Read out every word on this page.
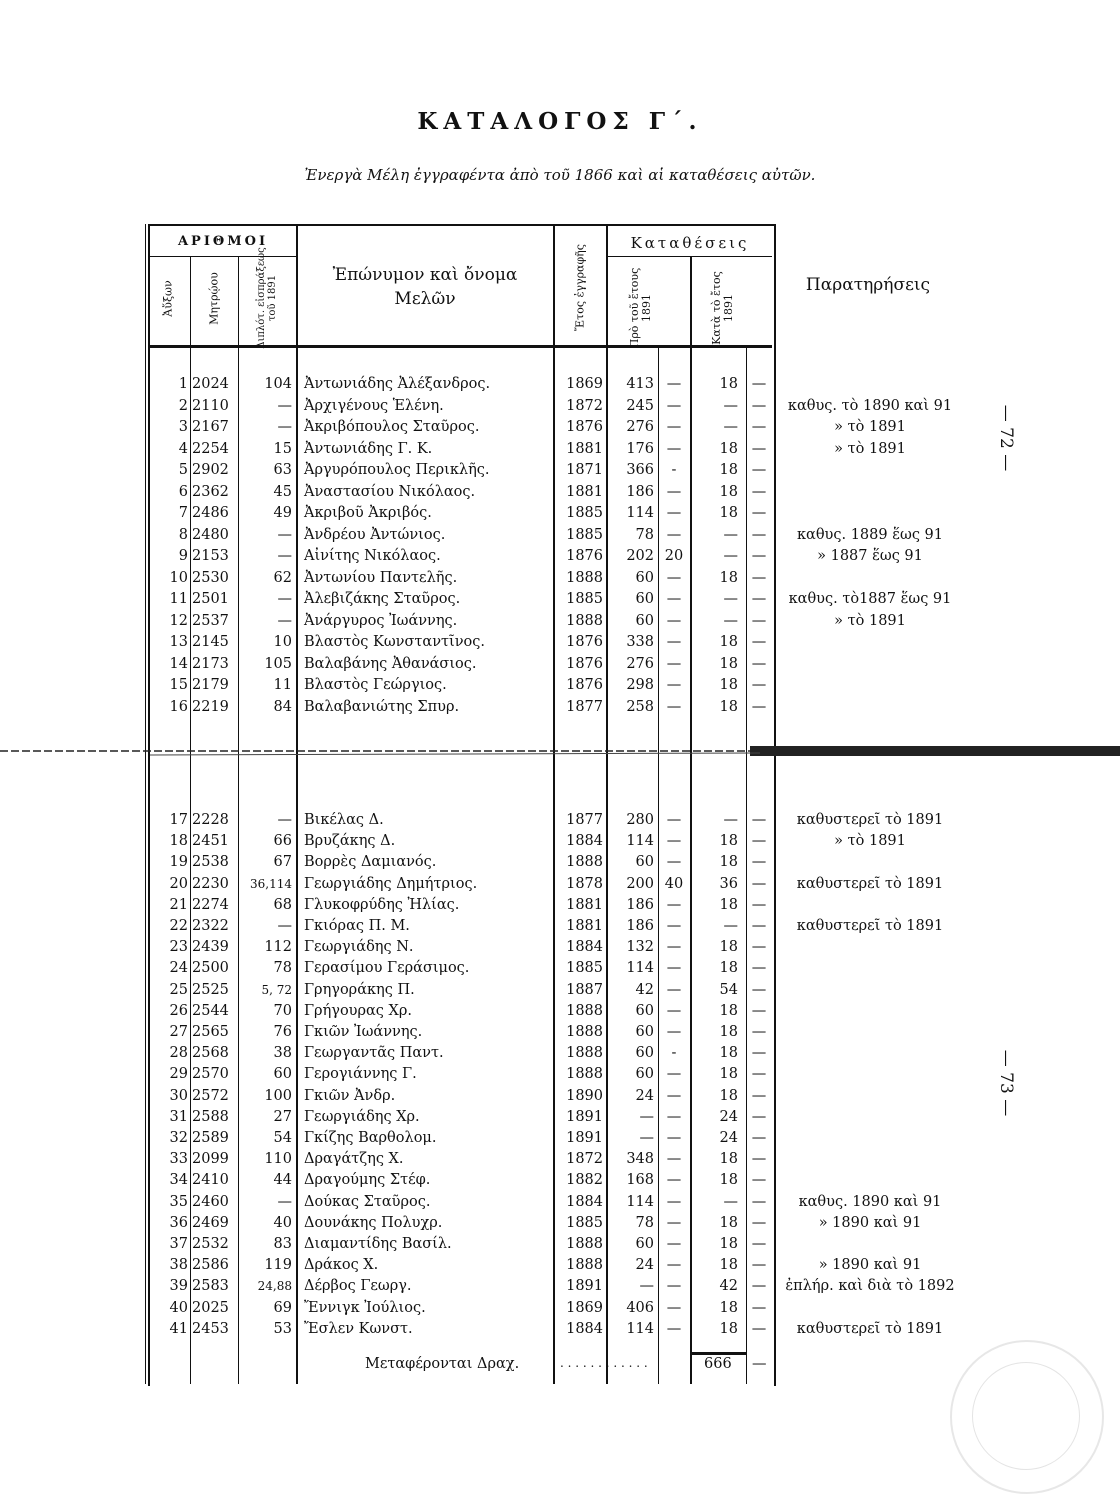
ΚΑΤΑΛΟΓΟΣ Γ΄.
Ἐνεργὰ Μέλη ἐγγραφέντα ἀπὸ τοῦ 1866 καὶ αἱ καταθέσεις αὐτῶν.
— 72 —
— 73 —
ΑΡΙΘΜΟΙ
Ἀὔξων	Μητρῴου	Διπλότ. εἰσπράξεως τοῦ 1891	Ἐπώνυμον καὶ ὄνομα Μελῶν	Ἔτος ἐγγραφῆς
Καταθέσεις
Πρὸ τοῦ ἔτους 1891	Κατὰ τὸ ἔτος 1891
Παρατηρήσεις
1 2024	104 Ἀντωνιάδης Ἀλέξανδρος.	1869	413 —	18 —
2 2110	— Ἀρχιγένους Ἑλένη.	1872	245 —	— —	καθυς. τὸ 1890 καὶ 91
3 2167	— Ἀκριβόπουλος Σταῦρος.	1876	276 —	— —	» τὸ 1891
4 2254	15 Ἀντωνιάδης Γ. Κ.	1881	176 —	18 —	» τὸ 1891
5 2902	63 Ἀργυρόπουλος Περικλῆς.	1871	366	-	18 —
6 2362	45 Ἀναστασίου Νικόλαος.	1881	186 —	18 —
7 2486	49 Ἀκριβοῦ Ἀκριβός.	1885	114 —	18 —
8 2480	— Ἀνδρέου Ἀντώνιος.	1885	78 —	— —	καθυς. 1889 ἕως 91
9 2153	— Αἰνίτης Νικόλαος.	1876	202 20	— —	» 1887 ἕως 91
10 2530	62 Ἀντωνίου Παντελῆς.	1888	60 —	18 —
11 2501	— Ἀλεβιζάκης Σταῦρος.	1885	60 —	— —	καθυς. τὸ1887 ἕως 91
12 2537	— Ἀνάργυρος Ἰωάννης.	1888	60 —	— —	» τὸ 1891
13 2145	10 Βλαστὸς Κωνσταντῖνος.	1876	338 —	18 —
14 2173	105 Βαλαβάνης Ἀθανάσιος.	1876	276 —	18 —
15 2179	11 Βλαστὸς Γεώργιος.	1876	298 —	18 —
16 2219	84 Βαλαβανιώτης Σπυρ.	1877	258 —	18 —
17 2228	— Βικέλας Δ.	1877	280 —	— —	καθυστερεῖ τὸ 1891
18 2451	66 Βρυζάκης Δ.	1884	114 —	18 —	» τὸ 1891
19 2538	67 Βορρὲς Δαμιανός.	1888	60 —	18 —
20 2230	36,114 Γεωργιάδης Δημήτριος.	1878	200 40	36 —	καθυστερεῖ τὸ 1891
21 2274	68 Γλυκοφρύδης Ἠλίας.	1881	186 —	18 —
22 2322	— Γκιόρας Π. Μ.	1881	186 —	— —	καθυστερεῖ τὸ 1891
23 2439	112 Γεωργιάδης Ν.	1884	132 —	18 —
24 2500	78 Γερασίμου Γεράσιμος.	1885	114 —	18 —
25 2525	5, 72 Γρηγοράκης Π.	1887	42 —	54 —
26 2544	70 Γρήγουρας Χρ.	1888	60 —	18 —
27 2565	76 Γκιῶν Ἰωάννης.	1888	60 —	18 —
28 2568	38 Γεωργαντᾶς Παντ.	1888	60	-	18 —
29 2570	60 Γερογιάννης Γ.	1888	60 —	18 —
30 2572	100 Γκιῶν Ἀνδρ.	1890	24 —	18 —
31 2588	27 Γεωργιάδης Χρ.	1891	— —	24 —
32 2589	54 Γκίζης Βαρθολομ.	1891	— —	24 —
33 2099	110 Δραγάτζης Χ.	1872	348 —	18 —
34 2410	44 Δραγούμης Στέφ.	1882	168 —	18 —
35 2460	— Δούκας Σταῦρος.	1884	114 —	— —	καθυς. 1890 καὶ 91
36 2469	40 Δουνάκης Πολυχρ.	1885	78 —	18 —	» 1890 καὶ 91
37 2532	83 Διαμαντίδης Βασίλ.	1888	60 —	18 —
38 2586	119 Δράκος Χ.	1888	24 —	18 —	» 1890 καὶ 91
39 2583	24,88 Δέρβος Γεωργ.	1891	— —	42 —	ἐπλήρ. καὶ διὰ τὸ 1892
40 2025	69 Ἔννιγκ Ἰούλιος.	1869	406 —	18 —
41 2453	53 Ἔσλεν Κωνστ.	1884	114 —	18 —	καθυστερεῖ τὸ 1891
Μεταφέρονται Δραχ.	. . . . . . . . . . . .	666 —
